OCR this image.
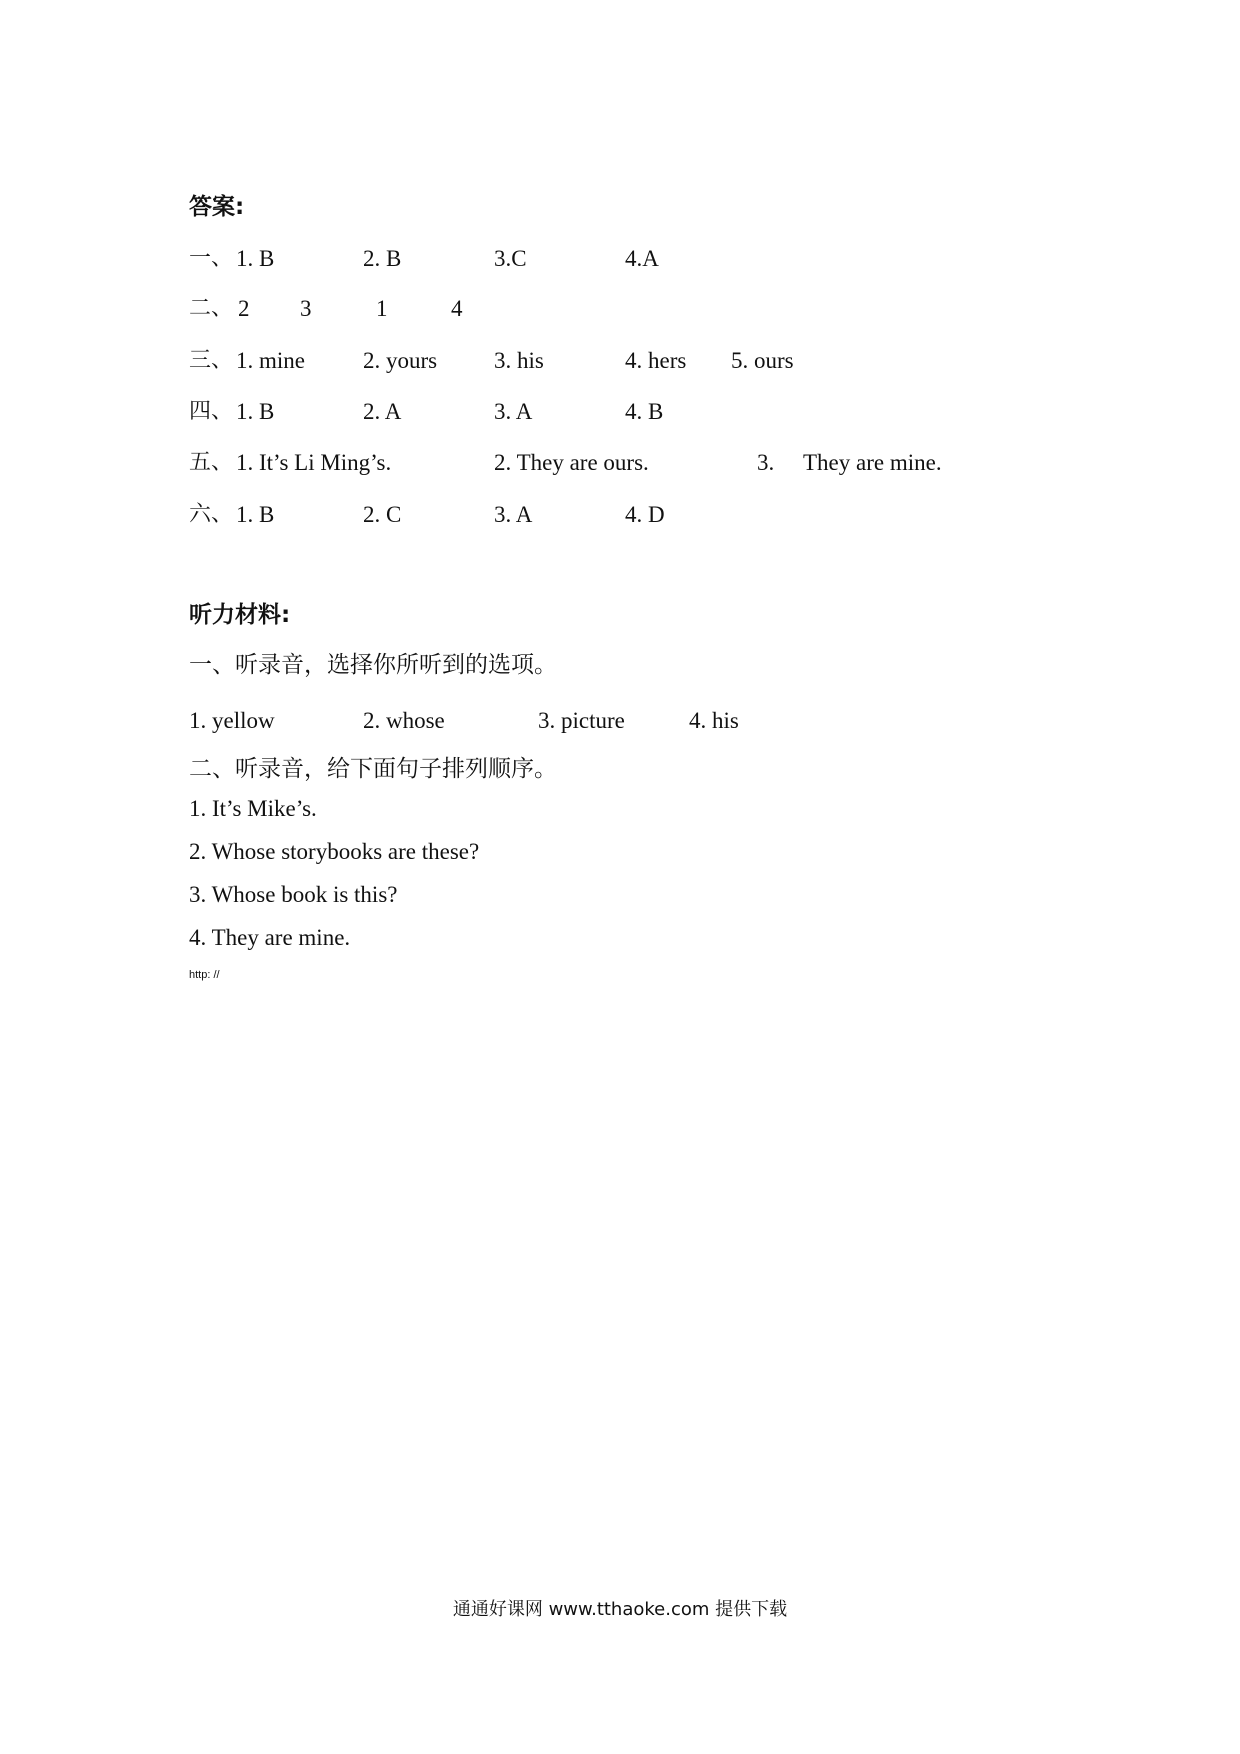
答案:
一、 1. B	2. B	3.C	4.A
二、 2 3	1	4
三、 1. mine	2. yours 3. his	4. hers 5. ours
四、 1. B	2. A	3. A	4. B
五、 1. It’s Li Ming’s.	2. They are ours.	3. They are mine.
六、 1. B	2. C	3. A	4. D
听力材料:
一、听录音，选择你所听到的选项。
1. yellow	2. whose	3. picture	4. his
二、听录音，给下面句子排列顺序。
1. It’s Mike’s.
2. Whose storybooks are these?
3. Whose book is this?
4. They are mine.
http: //
通通好课网 www.tthaoke.com 提供下载
